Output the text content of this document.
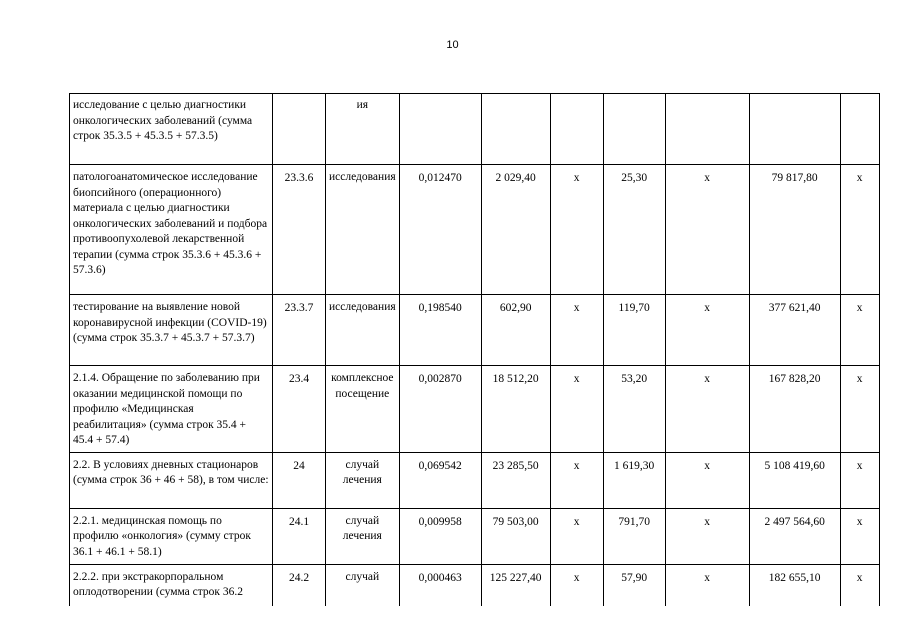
10
исследование с целью диагностики онкологических заболеваний (сумма строк 35.3.5 + 45.3.5 + 57.3.5)		ия							
патологоанатомическое исследование биопсийного (операционного) материала с целью диагностики онкологических заболеваний и подбора противоопухолевой лекарственной терапии (сумма строк 35.3.6 + 45.3.6 + 57.3.6)	23.3.6	исследования	0,012470	2 029,40	х	25,30	х	79 817,80	х
тестирование на выявление новой коронавирусной инфекции (COVID-19) (сумма строк 35.3.7 + 45.3.7 + 57.3.7)	23.3.7	исследования	0,198540	602,90	х	119,70	х	377 621,40	х
2.1.4. Обращение по заболеванию при оказании медицинской помощи по профилю «Медицинская реабилитация» (сумма строк 35.4 + 45.4 + 57.4)	23.4	комплексное посещение	0,002870	18 512,20	х	53,20	х	167 828,20	х
2.2. В условиях дневных стационаров (сумма строк 36 + 46 + 58), в том числе:	24	случай лечения	0,069542	23 285,50	х	1 619,30	х	5 108 419,60	х
2.2.1. медицинская помощь по профилю «онкология» (сумму строк 36.1 + 46.1 + 58.1)	24.1	случай лечения	0,009958	79 503,00	х	791,70	х	2 497 564,60	х
2.2.2. при экстракорпоральном оплодотворении (сумма строк 36.2	24.2	случай	0,000463	125 227,40	х	57,90	х	182 655,10	х
